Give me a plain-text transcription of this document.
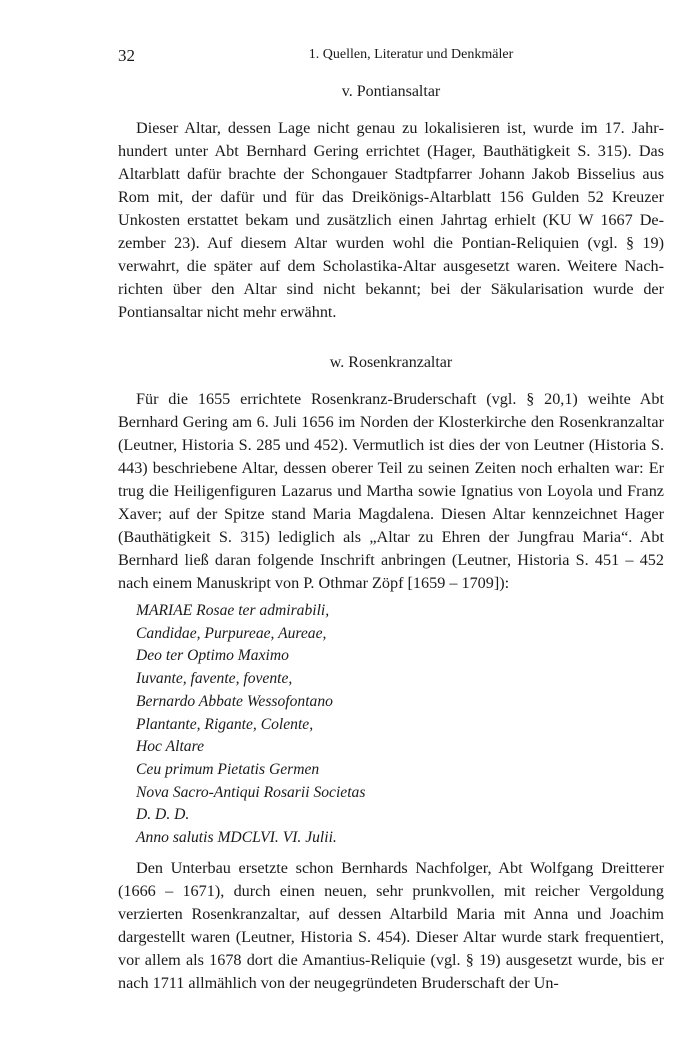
32	1. Quellen, Literatur und Denkmäler
v. Pontiansaltar

Dieser Altar, dessen Lage nicht genau zu lokalisieren ist, wurde im 17. Jahrhundert unter Abt Bernhard Gering errichtet (Hager, Bauthätigkeit S. 315). Das Altarblatt dafür brachte der Schongauer Stadtpfarrer Johann Jakob Bisselius aus Rom mit, der dafür und für das Dreikönigs-Altarblatt 156 Gulden 52 Kreuzer Unkosten erstattet bekam und zusätzlich einen Jahrtag erhielt (KU W 1667 Dezember 23). Auf diesem Altar wurden wohl die Pontian-Reliquien (vgl. § 19) verwahrt, die später auf dem Scholastika-Altar ausgesetzt waren. Weitere Nachrichten über den Altar sind nicht bekannt; bei der Säkularisation wurde der Pontiansaltar nicht mehr erwähnt.

w. Rosenkranzaltar

Für die 1655 errichtete Rosenkranz-Bruderschaft (vgl. § 20,1) weihte Abt Bernhard Gering am 6. Juli 1656 im Norden der Klosterkirche den Rosenkranzaltar (Leutner, Historia S. 285 und 452). Vermutlich ist dies der von Leutner (Historia S. 443) beschriebene Altar, dessen oberer Teil zu seinen Zeiten noch erhalten war: Er trug die Heiligenfiguren Lazarus und Martha sowie Ignatius von Loyola und Franz Xaver; auf der Spitze stand Maria Magdalena. Diesen Altar kennzeichnet Hager (Bauthätigkeit S. 315) lediglich als „Altar zu Ehren der Jungfrau Maria“. Abt Bernhard ließ daran folgende Inschrift anbringen (Leutner, Historia S. 451 – 452 nach einem Manuskript von P. Othmar Zöpf [1659 – 1709]):

MARIAE Rosae ter admirabili,
Candidae, Purpureae, Aureae,
Deo ter Optimo Maximo
Iuvante, favente, fovente,
Bernardo Abbate Wessofontano
Plantante, Rigante, Colente,
Hoc Altare
Ceu primum Pietatis Germen
Nova Sacro-Antiqui Rosarii Societas
D. D. D.
Anno salutis MDCLVI. VI. Julii.

Den Unterbau ersetzte schon Bernhards Nachfolger, Abt Wolfgang Dreitterer (1666 – 1671), durch einen neuen, sehr prunkvollen, mit reicher Vergoldung verzierten Rosenkranzaltar, auf dessen Altarbild Maria mit Anna und Joachim dargestellt waren (Leutner, Historia S. 454). Dieser Altar wurde stark frequentiert, vor allem als 1678 dort die Amantius-Reliquie (vgl. § 19) ausgesetzt wurde, bis er nach 1711 allmählich von der neugegründeten Bruderschaft der Un-
